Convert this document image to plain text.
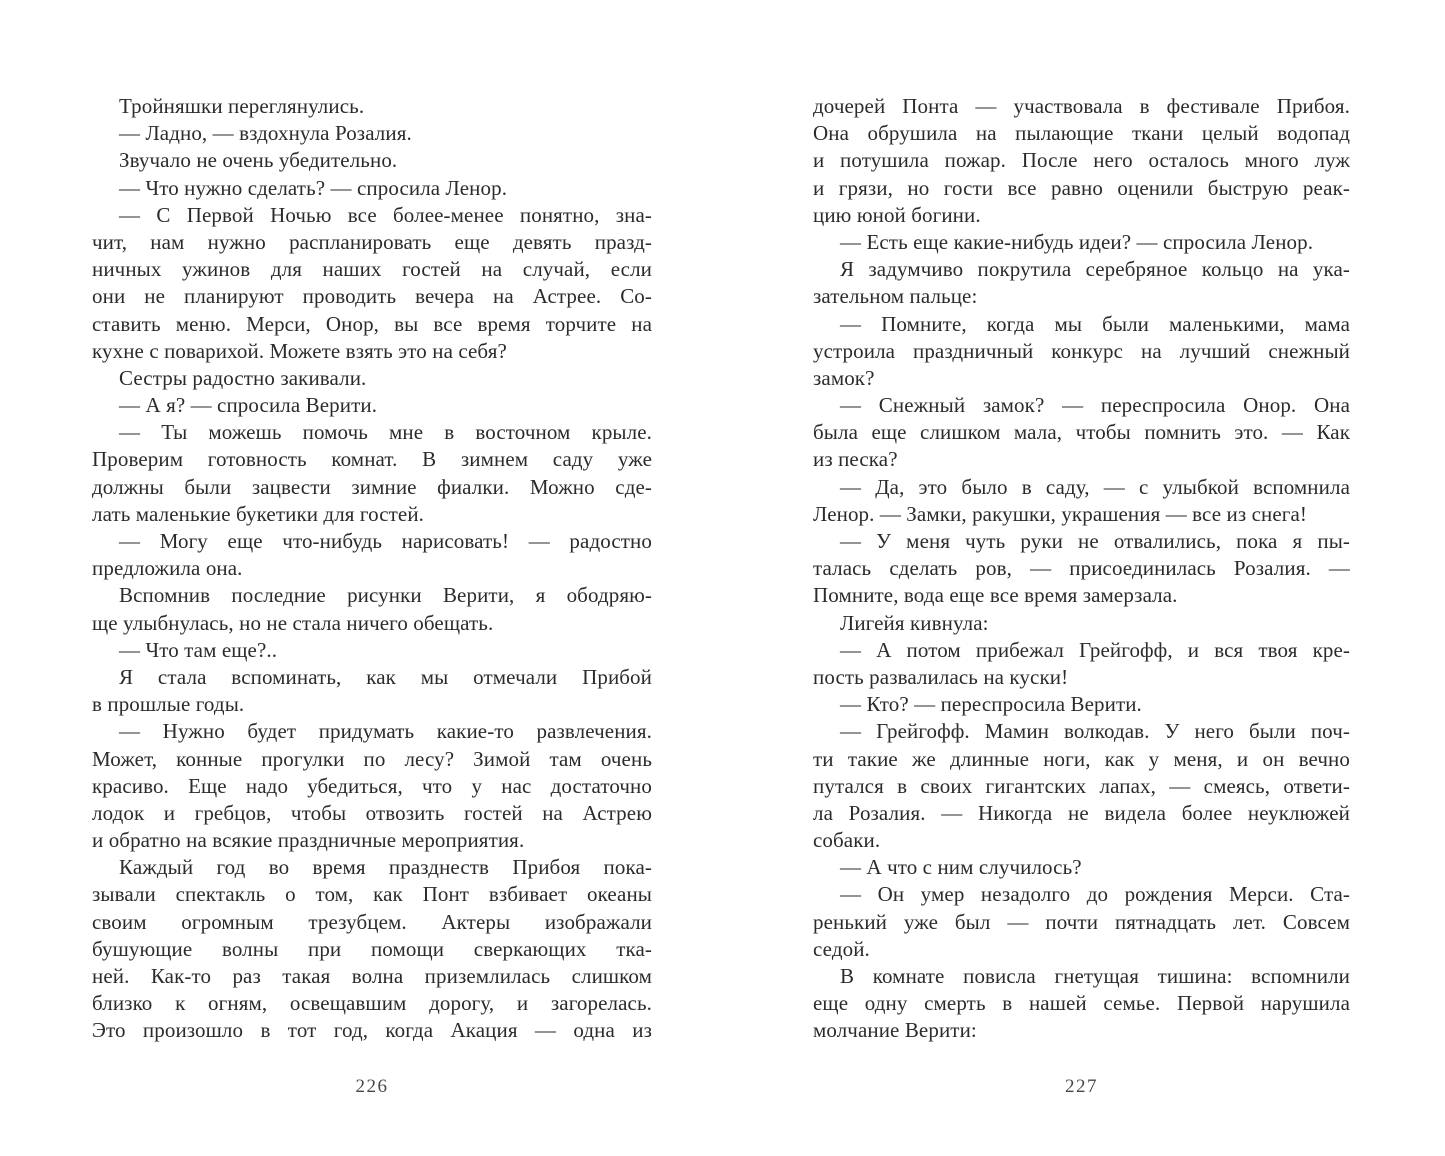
Тройняшки переглянулись.
— Ладно, — вздохнула Розалия.
Звучало не очень убедительно.
— Что нужно сделать? — спросила Ленор.
— С Первой Ночью все более-менее понятно, зна-
чит, нам нужно распланировать еще девять празд-
ничных ужинов для наших гостей на случай, если
они не планируют проводить вечера на Астрее. Со-
ставить меню. Мерси, Онор, вы все время торчите на
кухне с поварихой. Можете взять это на себя?
Сестры радостно закивали.
— А я? — спросила Верити.
— Ты можешь помочь мне в восточном крыле.
Проверим готовность комнат. В зимнем саду уже
должны были зацвести зимние фиалки. Можно сде-
лать маленькие букетики для гостей.
— Могу еще что-нибудь нарисовать! — радостно
предложила она.
Вспомнив последние рисунки Верити, я ободряю-
ще улыбнулась, но не стала ничего обещать.
— Что там еще?..
Я стала вспоминать, как мы отмечали Прибой
в прошлые годы.
— Нужно будет придумать какие-то развлечения.
Может, конные прогулки по лесу? Зимой там очень
красиво. Еще надо убедиться, что у нас достаточно
лодок и гребцов, чтобы отвозить гостей на Астрею
и обратно на всякие праздничные мероприятия.
Каждый год во время празднеств Прибоя пока-
зывали спектакль о том, как Понт взбивает океаны
своим огромным трезубцем. Актеры изображали
бушующие волны при помощи сверкающих тка-
ней. Как-то раз такая волна приземлилась слишком
близко к огням, освещавшим дорогу, и загорелась.
Это произошло в тот год, когда Акация — одна из
226
дочерей Понта — участвовала в фестивале Прибоя.
Она обрушила на пылающие ткани целый водопад
и потушила пожар. После него осталось много луж
и грязи, но гости все равно оценили быструю реак-
цию юной богини.
— Есть еще какие-нибудь идеи? — спросила Ленор.
Я задумчиво покрутила серебряное кольцо на ука-
зательном пальце:
— Помните, когда мы были маленькими, мама
устроила праздничный конкурс на лучший снежный
замок?
— Снежный замок? — переспросила Онор. Она
была еще слишком мала, чтобы помнить это. — Как
из песка?
— Да, это было в саду, — с улыбкой вспомнила
Ленор. — Замки, ракушки, украшения — все из снега!
— У меня чуть руки не отвалились, пока я пы-
талась сделать ров, — присоединилась Розалия. —
Помните, вода еще все время замерзала.
Лигейя кивнула:
— А потом прибежал Грейгофф, и вся твоя кре-
пость развалилась на куски!
— Кто? — переспросила Верити.
— Грейгофф. Мамин волкодав. У него были поч-
ти такие же длинные ноги, как у меня, и он вечно
путался в своих гигантских лапах, — смеясь, ответи-
ла Розалия. — Никогда не видела более неуклюжей
собаки.
— А что с ним случилось?
— Он умер незадолго до рождения Мерси. Ста-
ренький уже был — почти пятнадцать лет. Совсем
седой.
В комнате повисла гнетущая тишина: вспомнили
еще одну смерть в нашей семье. Первой нарушила
молчание Верити:
227
